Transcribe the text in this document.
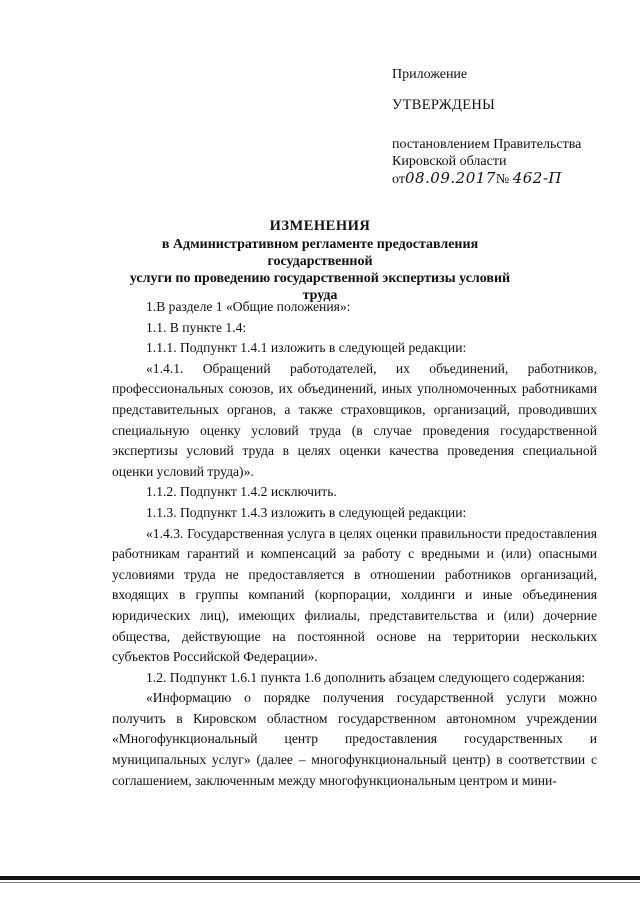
Приложение

УТВЕРЖДЕНЫ

постановлением Правительства

Кировской области

от08.09.2017№ 462-П

ИЗМЕНЕНИЯ
в Административном регламенте предоставления государственной
услуги по проведению государственной экспертизы условий труда

1.В разделе 1 «Общие положения»:

1.1. В пункте 1.4:

1.1.1. Подпункт 1.4.1 изложить в следующей редакции:

«1.4.1. Обращений работодателей, их объединений, работников, профессиональных союзов, их объединений, иных уполномоченных работниками представительных органов, а также страховщиков, организаций, проводивших специальную оценку условий труда (в случае проведения государственной экспертизы условий труда в целях оценки качества проведения специальной оценки условий труда)».

1.1.2. Подпункт 1.4.2 исключить.

1.1.3. Подпункт 1.4.3 изложить в следующей редакции:

«1.4.3. Государственная услуга в целях оценки правильности предоставления работникам гарантий и компенсаций за работу с вредными и (или) опасными условиями труда не предоставляется в отношении работников организаций, входящих в группы компаний (корпорации, холдинги и иные объединения юридических лиц), имеющих филиалы, представительства и (или) дочерние общества, действующие на постоянной основе на территории нескольких субъектов Российской Федерации».

1.2. Подпункт 1.6.1 пункта 1.6 дополнить абзацем следующего содержания:

«Информацию о порядке получения государственной услуги можно получить в Кировском областном государственном автономном учреждении «Многофункциональный центр предоставления государственных и муниципальных услуг» (далее – многофункциональный центр) в соответствии с соглашением, заключенным между многофункциональным центром и мини-
